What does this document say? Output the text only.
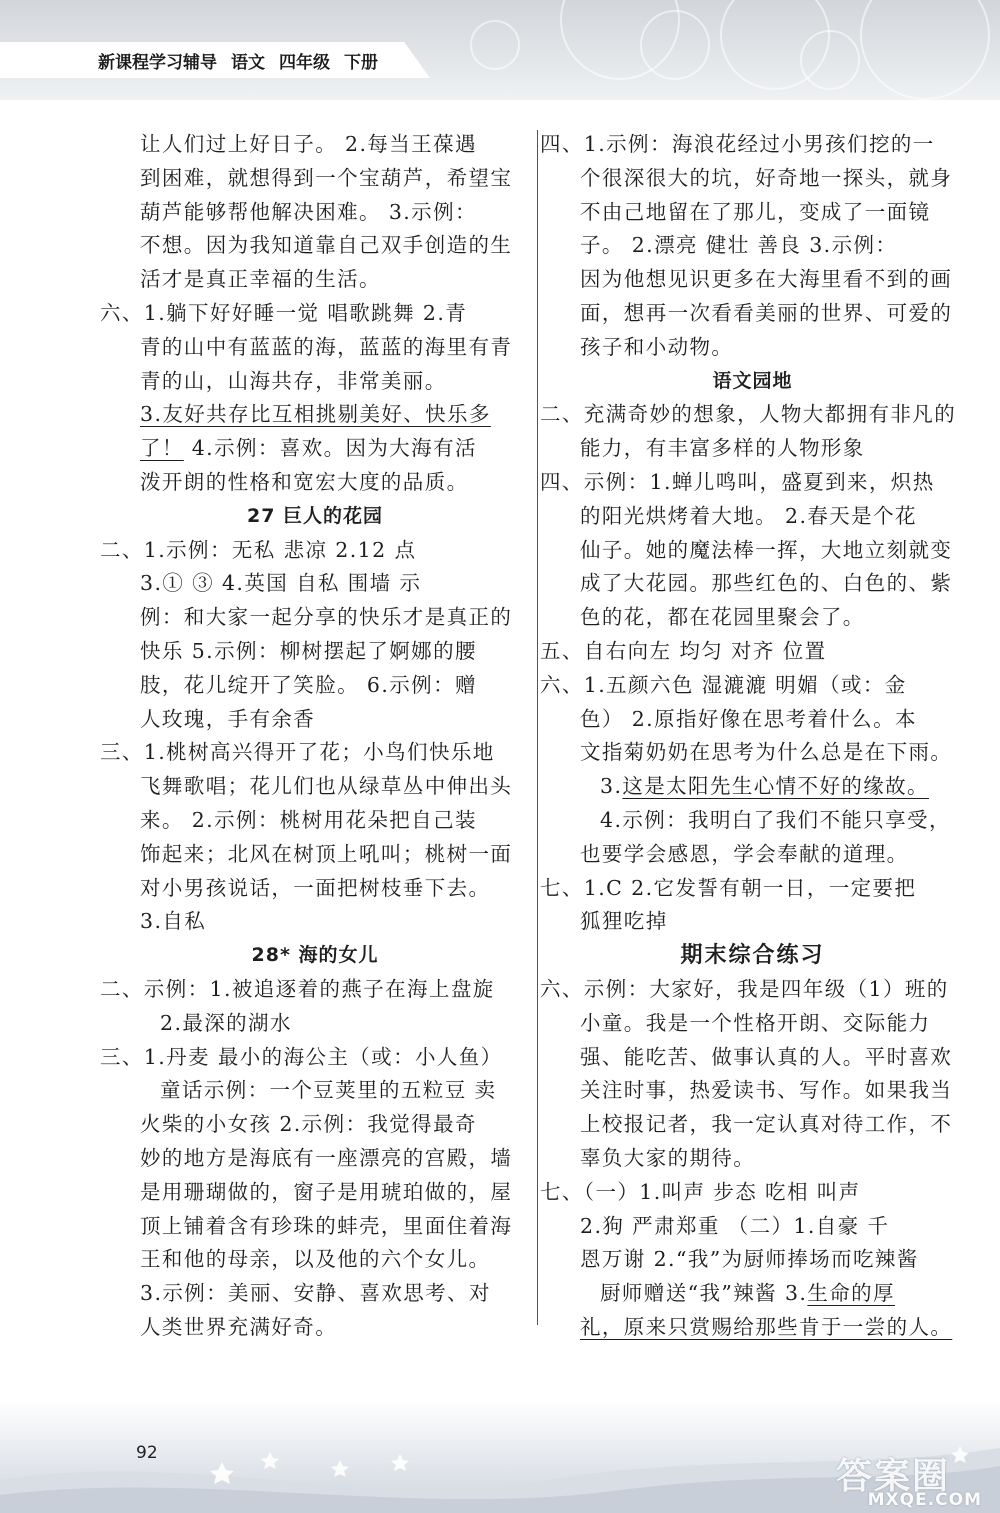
新课程学习辅导 语文 四年级 下册
让人们过上好日子。 2.每当王葆遇
到困难，就想得到一个宝葫芦，希望宝
葫芦能够帮他解决困难。 3.示例：
不想。因为我知道靠自己双手创造的生
活才是真正幸福的生活。
六、1.躺下好好睡一觉 唱歌跳舞 2.青
青的山中有蓝蓝的海，蓝蓝的海里有青
青的山，山海共存，非常美丽。
3.友好共存比互相挑剔美好、快乐多
了！ 4.示例：喜欢。因为大海有活
泼开朗的性格和宽宏大度的品质。
27 巨人的花园
二、1.示例：无私 悲凉 2.12 点
3.① ③ 4.英国 自私 围墙 示
例：和大家一起分享的快乐才是真正的
快乐 5.示例：柳树摆起了婀娜的腰
肢，花儿绽开了笑脸。 6.示例：赠
人玫瑰，手有余香
三、1.桃树高兴得开了花；小鸟们快乐地
飞舞歌唱；花儿们也从绿草丛中伸出头
来。 2.示例：桃树用花朵把自己装
饰起来；北风在树顶上吼叫；桃树一面
对小男孩说话，一面把树枝垂下去。
3.自私
28* 海的女儿
二、示例：1.被追逐着的燕子在海上盘旋
2.最深的湖水
三、1.丹麦 最小的海公主（或：小人鱼）
童话示例：一个豆荚里的五粒豆 卖
火柴的小女孩 2.示例：我觉得最奇
妙的地方是海底有一座漂亮的宫殿，墙
是用珊瑚做的，窗子是用琥珀做的，屋
顶上铺着含有珍珠的蚌壳，里面住着海
王和他的母亲，以及他的六个女儿。
3.示例：美丽、安静、喜欢思考、对
人类世界充满好奇。
四、1.示例：海浪花经过小男孩们挖的一
个很深很大的坑，好奇地一探头，就身
不由己地留在了那儿，变成了一面镜
子。 2.漂亮 健壮 善良 3.示例：
因为他想见识更多在大海里看不到的画
面，想再一次看看美丽的世界、可爱的
孩子和小动物。
语文园地
二、充满奇妙的想象，人物大都拥有非凡的
能力，有丰富多样的人物形象
四、示例：1.蝉儿鸣叫，盛夏到来，炽热
的阳光烘烤着大地。 2.春天是个花
仙子。她的魔法棒一挥，大地立刻就变
成了大花园。那些红色的、白色的、紫
色的花，都在花园里聚会了。
五、自右向左 均匀 对齐 位置
六、1.五颜六色 湿漉漉 明媚（或：金
色） 2.原指好像在思考着什么。本
文指菊奶奶在思考为什么总是在下雨。
3.这是太阳先生心情不好的缘故。
4.示例：我明白了我们不能只享受，
也要学会感恩，学会奉献的道理。
七、1.C 2.它发誓有朝一日，一定要把
狐狸吃掉
期末综合练习
六、示例：大家好，我是四年级（1）班的
小童。我是一个性格开朗、交际能力
强、能吃苦、做事认真的人。平时喜欢
关注时事，热爱读书、写作。如果我当
上校报记者，我一定认真对待工作，不
辜负大家的期待。
七、（一）1.叫声 步态 吃相 叫声
2.狗 严肃郑重 （二）1.自豪 千
恩万谢 2.“我”为厨师捧场而吃辣酱
厨师赠送“我”辣酱 3.生命的厚
礼，原来只赏赐给那些肯于一尝的人。
92
答案圈
MXQE.COM
